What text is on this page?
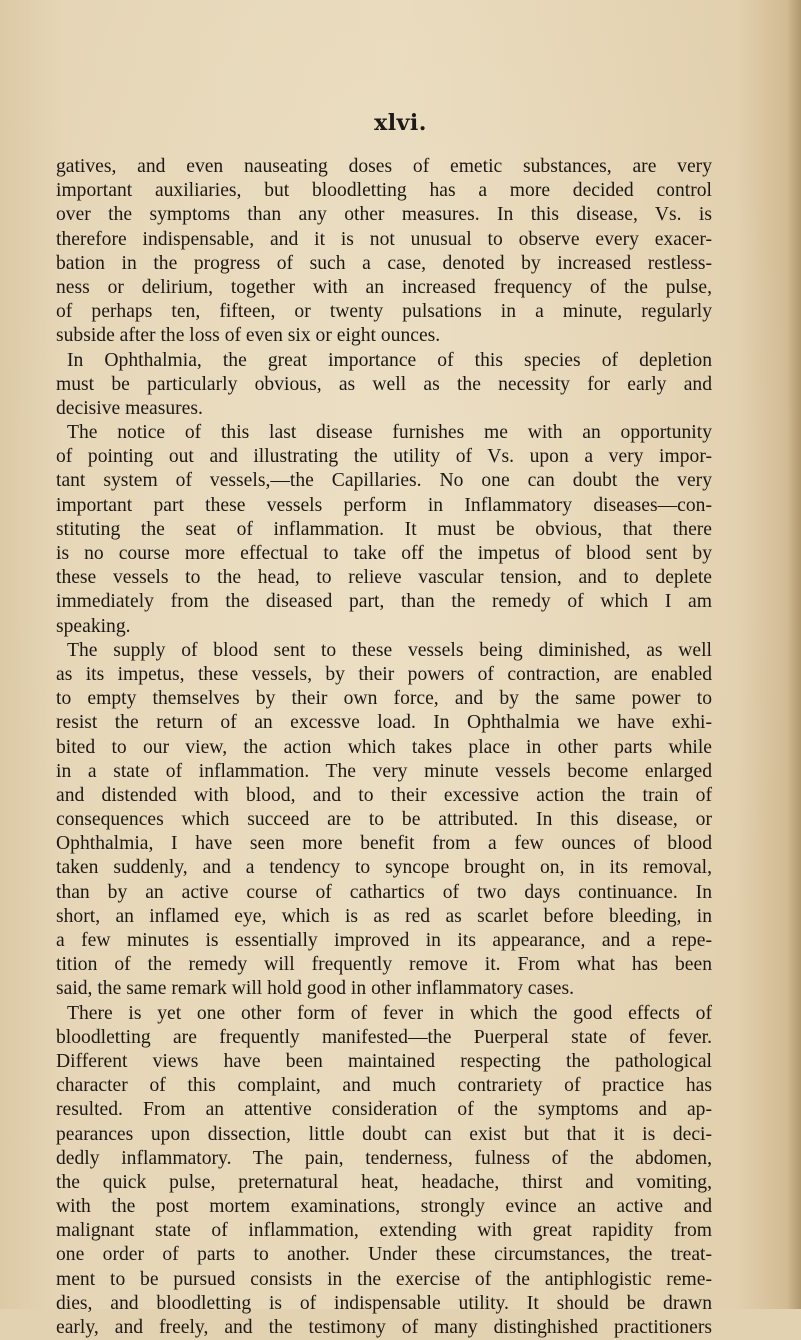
xlvi.
gatives, and even nauseating doses of emetic substances, are very
important auxiliaries, but bloodletting has a more decided control
over the symptoms than any other measures. In this disease, Vs. is
therefore indispensable, and it is not unusual to observe every exacer-
bation in the progress of such a case, denoted by increased restless-
ness or delirium, together with an increased frequency of the pulse,
of perhaps ten, fifteen, or twenty pulsations in a minute, regularly
subside after the loss of even six or eight ounces.
In Ophthalmia, the great importance of this species of depletion
must be particularly obvious, as well as the necessity for early and
decisive measures.
The notice of this last disease furnishes me with an opportunity
of pointing out and illustrating the utility of Vs. upon a very impor-
tant system of vessels,—the Capillaries. No one can doubt the very
important part these vessels perform in Inflammatory diseases—con-
stituting the seat of inflammation. It must be obvious, that there
is no course more effectual to take off the impetus of blood sent by
these vessels to the head, to relieve vascular tension, and to deplete
immediately from the diseased part, than the remedy of which I am
speaking.
The supply of blood sent to these vessels being diminished, as well
as its impetus, these vessels, by their powers of contraction, are enabled
to empty themselves by their own force, and by the same power to
resist the return of an excessve load. In Ophthalmia we have exhi-
bited to our view, the action which takes place in other parts while
in a state of inflammation. The very minute vessels become enlarged
and distended with blood, and to their excessive action the train of
consequences which succeed are to be attributed. In this disease, or
Ophthalmia, I have seen more benefit from a few ounces of blood
taken suddenly, and a tendency to syncope brought on, in its removal,
than by an active course of cathartics of two days continuance. In
short, an inflamed eye, which is as red as scarlet before bleeding, in
a few minutes is essentially improved in its appearance, and a repe-
tition of the remedy will frequently remove it. From what has been
said, the same remark will hold good in other inflammatory cases.
There is yet one other form of fever in which the good effects of
bloodletting are frequently manifested—the Puerperal state of fever.
Different views have been maintained respecting the pathological
character of this complaint, and much contrariety of practice has
resulted. From an attentive consideration of the symptoms and ap-
pearances upon dissection, little doubt can exist but that it is deci-
dedly inflammatory. The pain, tenderness, fulness of the abdomen,
the quick pulse, preternatural heat, headache, thirst and vomiting,
with the post mortem examinations, strongly evince an active and
malignant state of inflammation, extending with great rapidity from
one order of parts to another. Under these circumstances, the treat-
ment to be pursued consists in the exercise of the antiphlogistic reme-
dies, and bloodletting is of indispensable utility. It should be drawn
early, and freely, and the testimony of many distinghished practitioners
